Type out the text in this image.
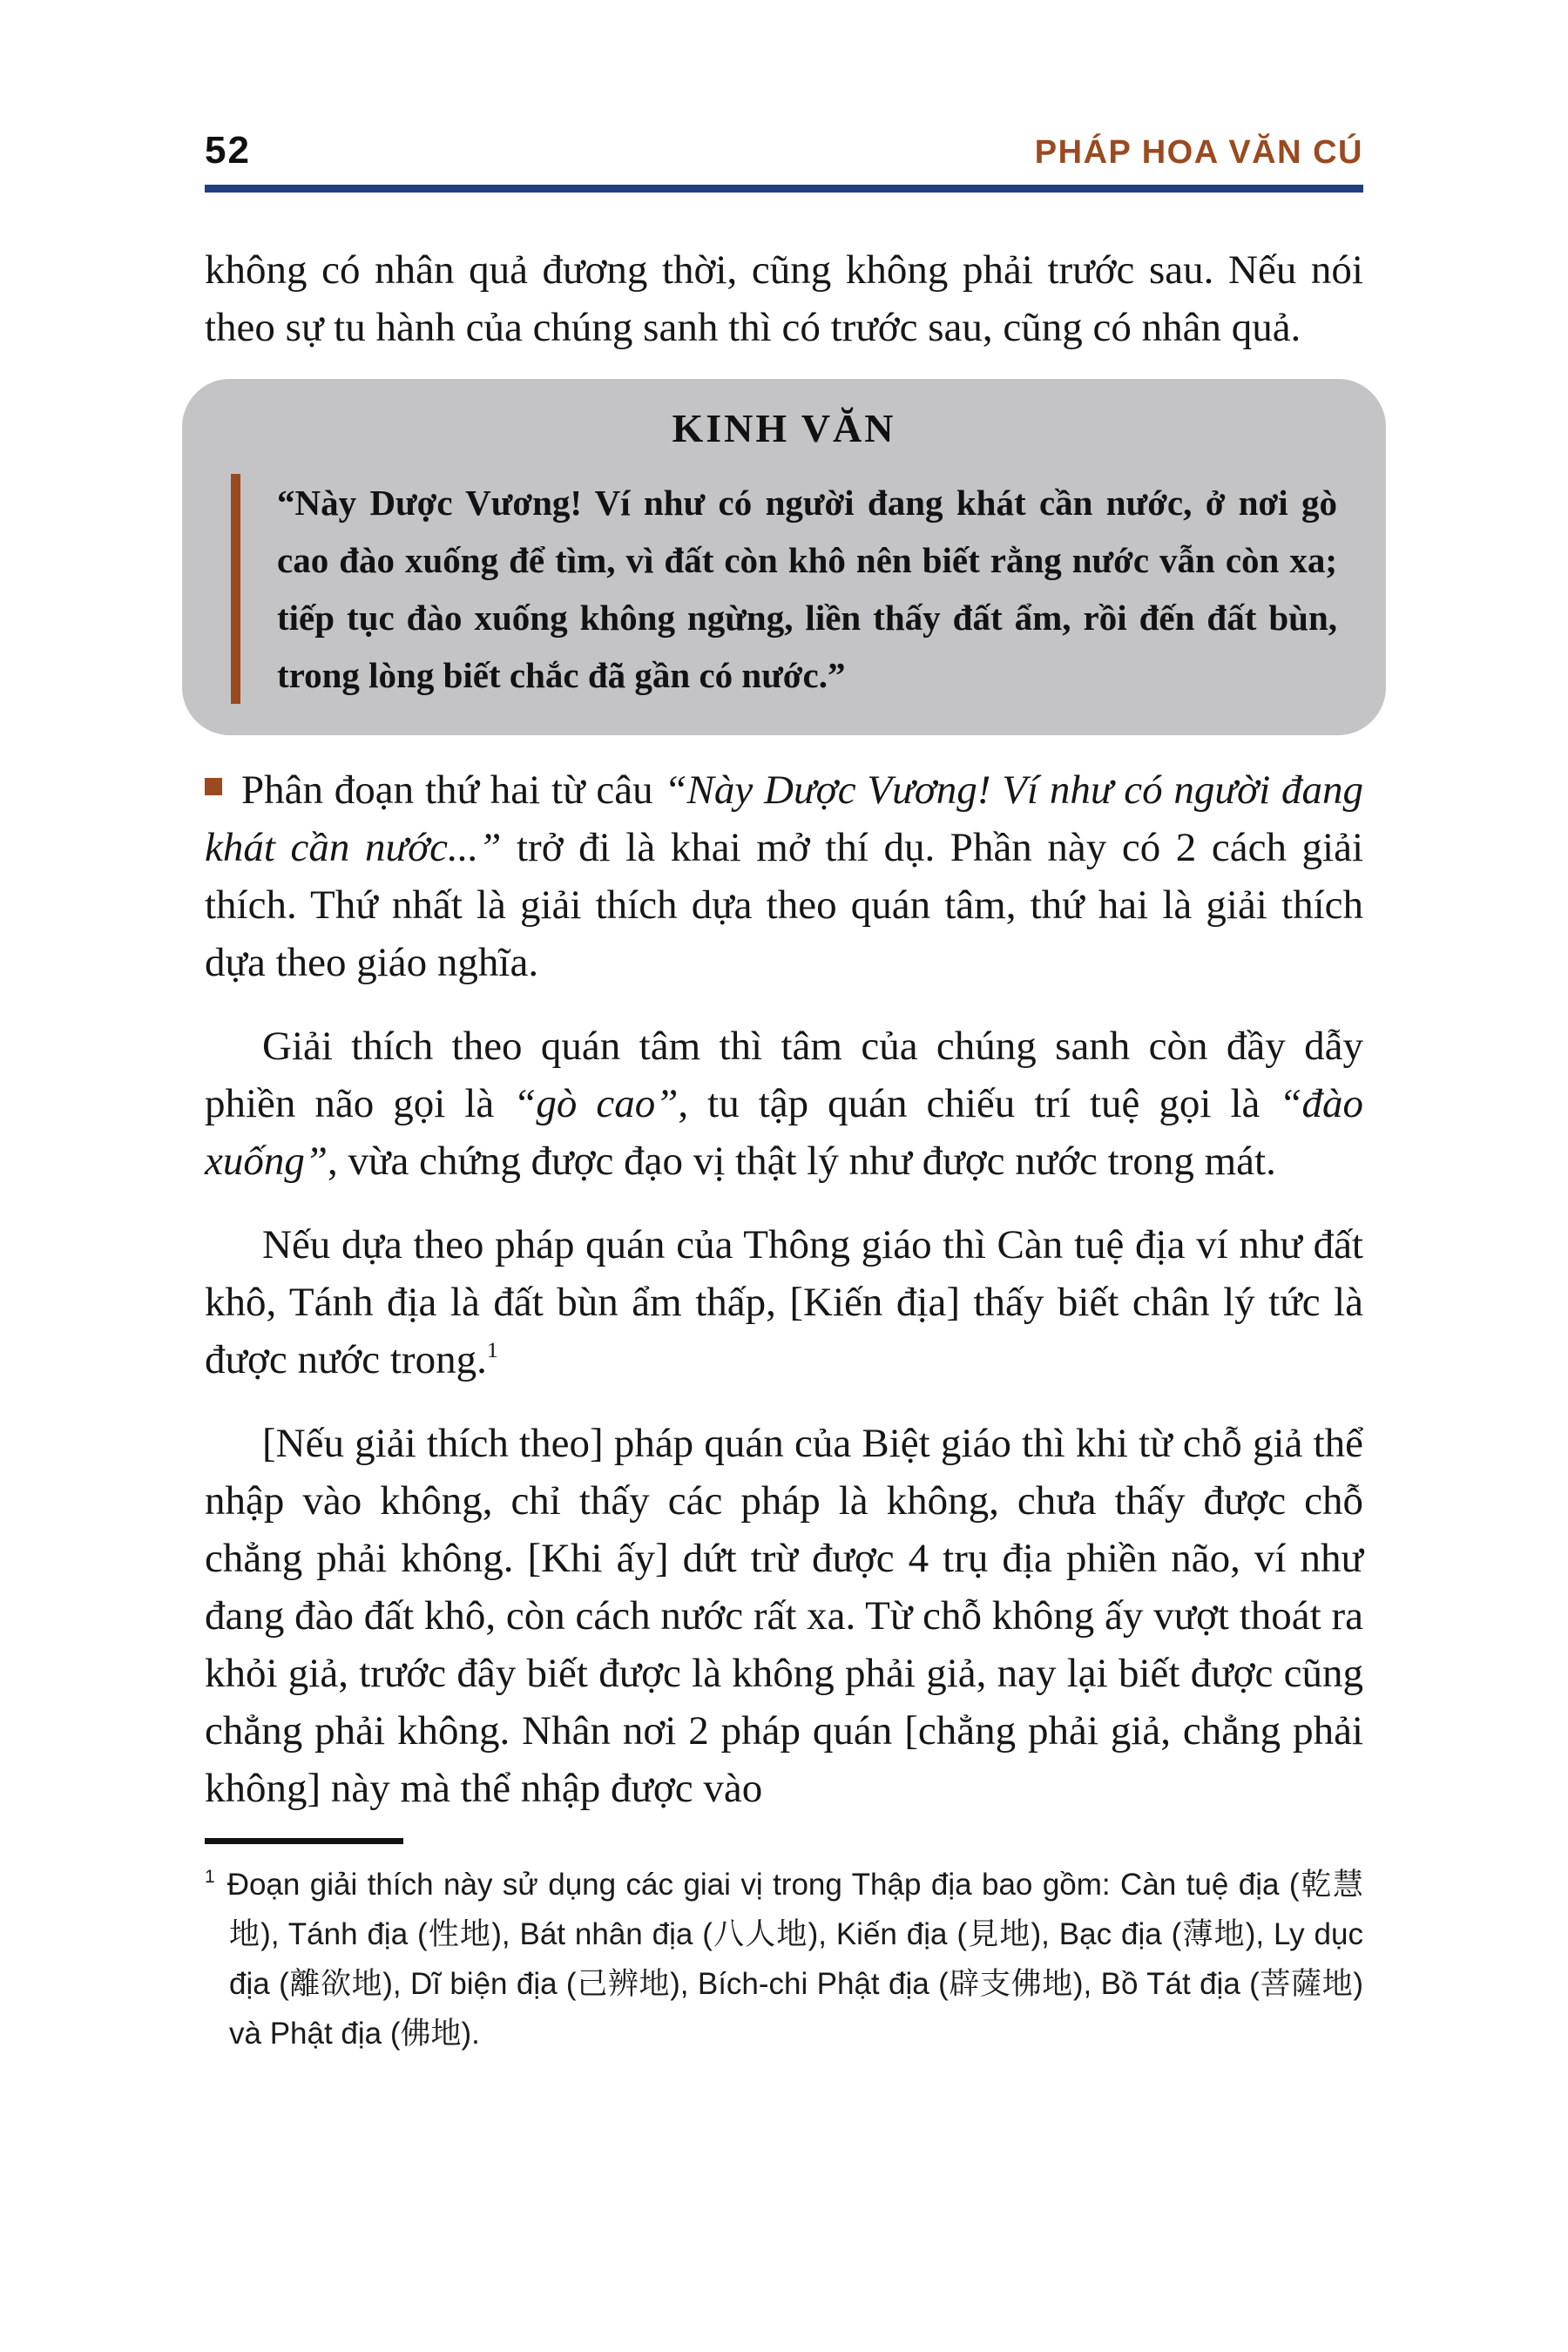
52	PHÁP HOA VĂN CÚ

không có nhân quả đương thời, cũng không phải trước sau. Nếu nói theo sự tu hành của chúng sanh thì có trước sau, cũng có nhân quả.

KINH VĂN
“Này Dược Vương! Ví như có người đang khát cần nước, ở nơi gò cao đào xuống để tìm, vì đất còn khô nên biết rằng nước vẫn còn xa; tiếp tục đào xuống không ngừng, liền thấy đất ẩm, rồi đến đất bùn, trong lòng biết chắc đã gần có nước.”

Phân đoạn thứ hai từ câu “Này Dược Vương! Ví như có người đang khát cần nước...” trở đi là khai mở thí dụ. Phần này có 2 cách giải thích. Thứ nhất là giải thích dựa theo quán tâm, thứ hai là giải thích dựa theo giáo nghĩa.

Giải thích theo quán tâm thì tâm của chúng sanh còn đầy dẫy phiền não gọi là “gò cao”, tu tập quán chiếu trí tuệ gọi là “đào xuống”, vừa chứng được đạo vị thật lý như được nước trong mát.

Nếu dựa theo pháp quán của Thông giáo thì Càn tuệ địa ví như đất khô, Tánh địa là đất bùn ẩm thấp, [Kiến địa] thấy biết chân lý tức là được nước trong.$^1$

[Nếu giải thích theo] pháp quán của Biệt giáo thì khi từ chỗ giả thể nhập vào không, chỉ thấy các pháp là không, chưa thấy được chỗ chẳng phải không. [Khi ấy] dứt trừ được 4 trụ địa phiền não, ví như đang đào đất khô, còn cách nước rất xa. Từ chỗ không ấy vượt thoát ra khỏi giả, trước đây biết được là không phải giả, nay lại biết được cũng chẳng phải không. Nhân nơi 2 pháp quán [chẳng phải giả, chẳng phải không] này mà thể nhập được vào

$^1$ Đoạn giải thích này sử dụng các giai vị trong Thập địa bao gồm: Càn tuệ địa (乾慧地), Tánh địa (性地), Bát nhân địa (八人地), Kiến địa (見地), Bạc địa (薄地), Ly dục địa (離欲地), Dĩ biện địa (己辨地), Bích-chi Phật địa (辟支佛地), Bồ Tát địa (菩薩地) và Phật địa (佛地).
